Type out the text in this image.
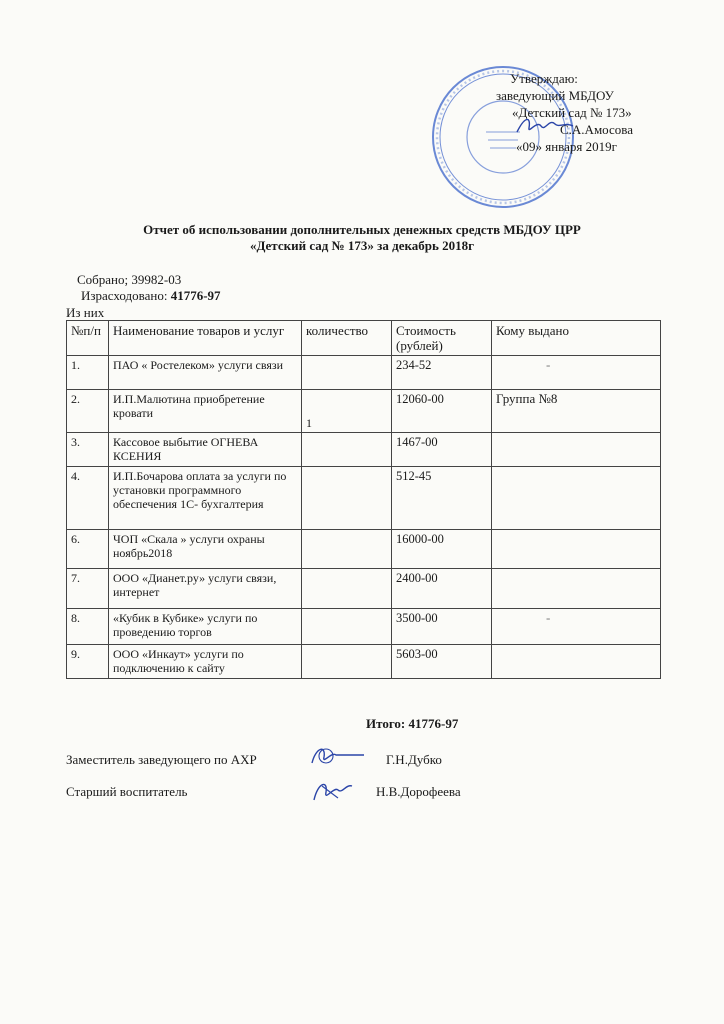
Утверждаю:
заведующий МБДОУ
«Детский сад № 173»
С.А.Амосова
«09» января 2019г
Отчет об использовании дополнительных денежных средств МБДОУ ЦРР
«Детский сад № 173» за декабрь 2018г
Собрано; 39982-03
Израсходовано: 41776-97
Из них
№п/п	Наименование товаров и услуг	количество	Стоимость (рублей)	Кому выдано
1.	ПАО « Ростелеком» услуги связи		234-52	-
2.	И.П.Малютина приобретение кровати	1	12060-00	Группа №8
3.	Кассовое выбытие ОГНЕВА КСЕНИЯ		1467-00	
4.	И.П.Бочарова оплата за услуги по установки программного обеспечения 1С- бухгалтерия		512-45	
6.	ЧОП «Скала » услуги охраны ноябрь2018		16000-00	
7.	ООО «Дианет.ру» услуги связи, интернет		2400-00	
8.	«Кубик в Кубике» услуги по проведению торгов		3500-00	-
9.	ООО «Инкаут» услуги по подключению к сайту		5603-00	
Итого: 41776-97
Заместитель заведующего по АХР	Г.Н.Дубко
Старший воспитатель	Н.В.Дорофеева
